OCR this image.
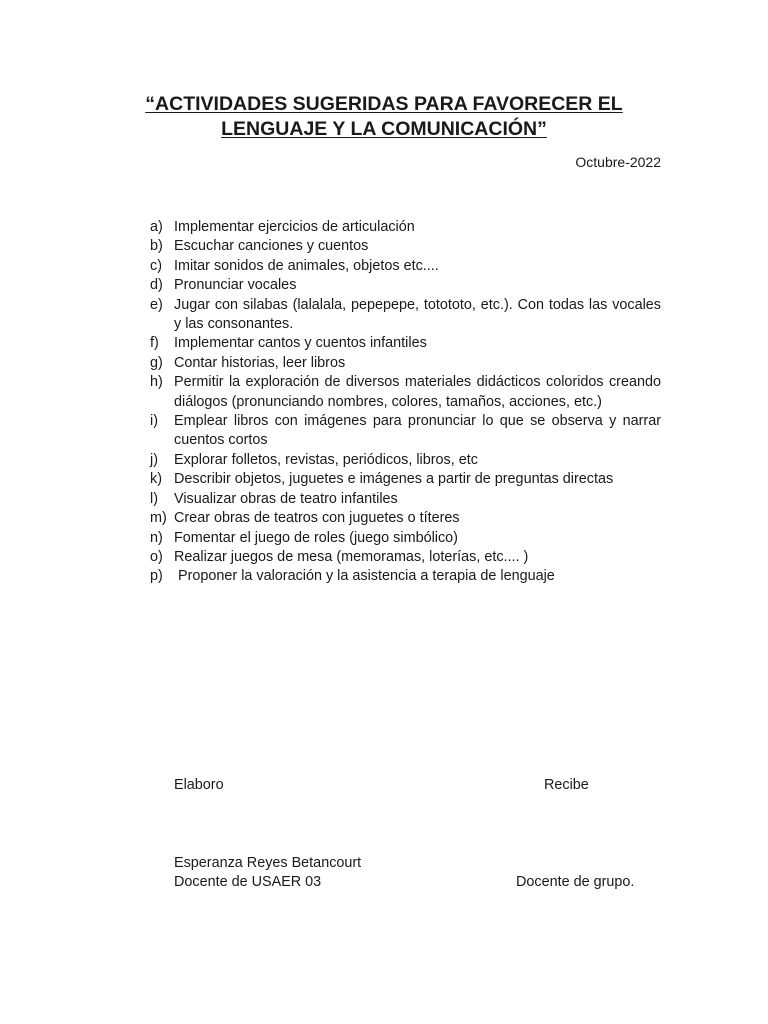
“ACTIVIDADES SUGERIDAS PARA FAVORECER EL
LENGUAJE Y LA COMUNICACIÓN”
Octubre-2022
a) Implementar ejercicios de articulación
b) Escuchar canciones y cuentos
c) Imitar sonidos de animales, objetos etc....
d) Pronunciar vocales
e) Jugar con silabas (lalalala, pepepepe, totototo, etc.). Con todas las vocales y las consonantes.
f)	Implementar cantos y cuentos infantiles
g) Contar historias, leer libros
h) Permitir la exploración de diversos materiales didácticos coloridos creando diálogos (pronunciando nombres, colores, tamaños, acciones, etc.)
i)	Emplear libros con imágenes para pronunciar lo que se observa y narrar cuentos cortos
j)	Explorar folletos, revistas, periódicos, libros, etc
k) Describir objetos, juguetes e imágenes a partir de preguntas directas
l)	Visualizar obras de teatro infantiles
m) Crear obras de teatros con juguetes o títeres
n) Fomentar el juego de roles (juego simbólico)
o) Realizar juegos de mesa (memoramas, loterías, etc.... )
p) Proponer la valoración y la asistencia a terapia de lenguaje
Elaboro	Recibe
Esperanza Reyes Betancourt
Docente de USAER 03	Docente de grupo.
